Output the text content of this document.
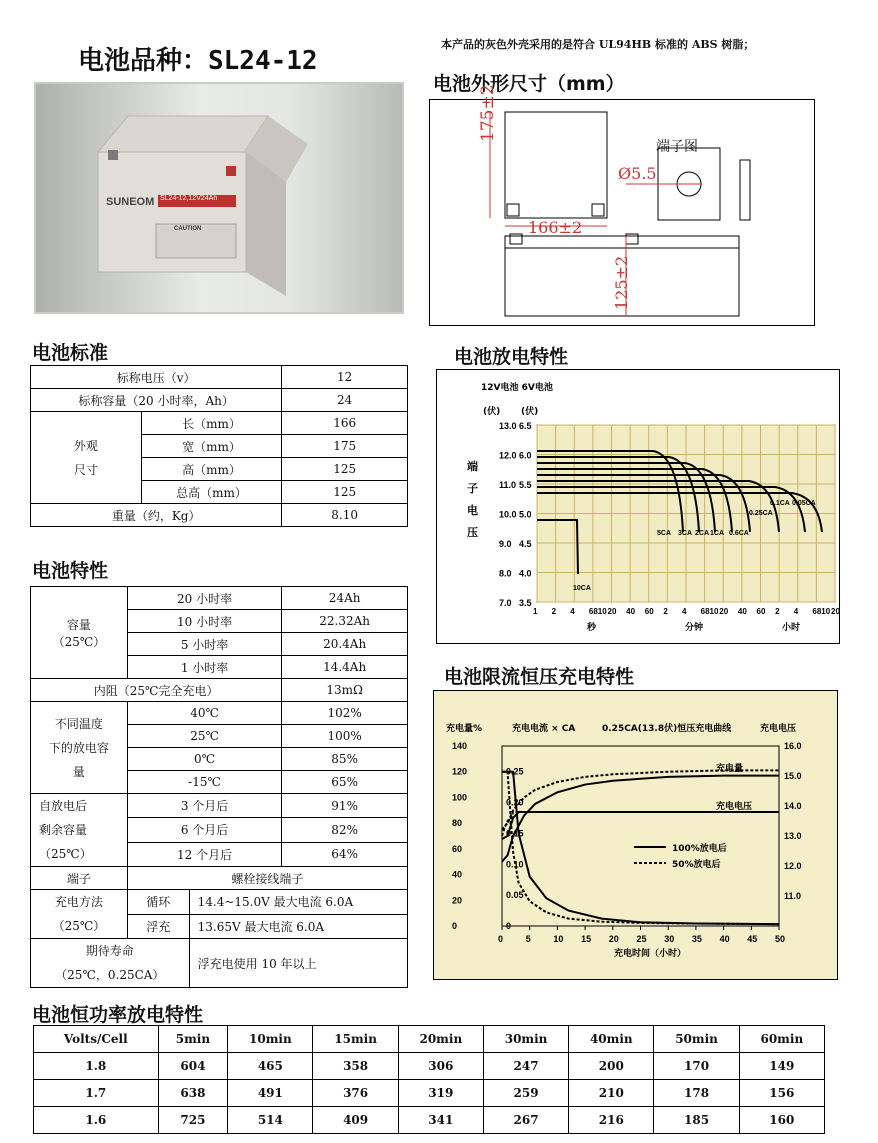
电池品种：SL24-12
本产品的灰色外壳采用的是符合 UL94HB 标准的 ABS 树脂；
SUNEOM SL24-12,12V24Ah
CAUTION
电池外形尺寸（mm）
175±2
166±2
125±2
端子图
Ø5.5
电池标准
标称电压（v）		12
标称容量（20 小时率，Ah）		24

外观
尺寸	长（mm）	166
	宽（mm）	175
	高（mm）	125
	总高（mm）	125
重量（约，Kg）		8.10
电池特性
容量
（25℃）	20 小时率		24Ah
	10 小时率		22.32Ah
	5 小时率		20.4Ah
	1 小时率		14.4Ah
内阻（25℃完全充电）			13mΩ

不同温度
下的放电容
量	40℃		102%
	25℃		100%
	0℃		85%
	-15℃		65%

自放电后
剩余容量
（25℃）	3 个月后		91%
	6 个月后		82%
	12 个月后		64%
端子	螺栓接线端子		

充电方法
（25℃）	循环	14.4~15.0V 最大电流 6.0A	
	浮充	13.65V 最大电流 6.0A	

期待寿命
（25℃，0.25CA）		浮充电使用 10 年以上	
电池放电特性
13.0 6.5
12.0 6.0
11.0 5.5
10.0 5.0
9.0 4.5
8.0 4.0
7.0 3.5
1 2 4 6810 20 40 60 2 4 6810 20 40 60 2 4 6810 20
12V电池 6V电池
(伏) (伏)
端
子
电
压
秒	分钟	小时
10CA
5CA 3CA 2CA 1CA 0.6CA
0.25CA
0.1CA 0.05CA
电池限流恒压充电特性
0	5	10 15 20 25 30 35 40 45 50
0
20
40
60
80
100
120
140
0
0.05
0.10
0.15
0.20
0.25
11.0
12.0
13.0
14.0
15.0
16.0
充电量%	充电电流 × CA	0.25CA(13.8伏)恒压充电曲线	充电电压
充电时间（小时）
充电量
充电电压
100%放电后
50%放电后
电池恒功率放电特性
Volts/Cell	5min	10min	15min	20min	30min	40min	50min	60min
1.8	604	465	358	306	247	200	170	149
1.7	638	491	376	319	259	210	178	156
1.6	725	514	409	341	267	216	185	160
